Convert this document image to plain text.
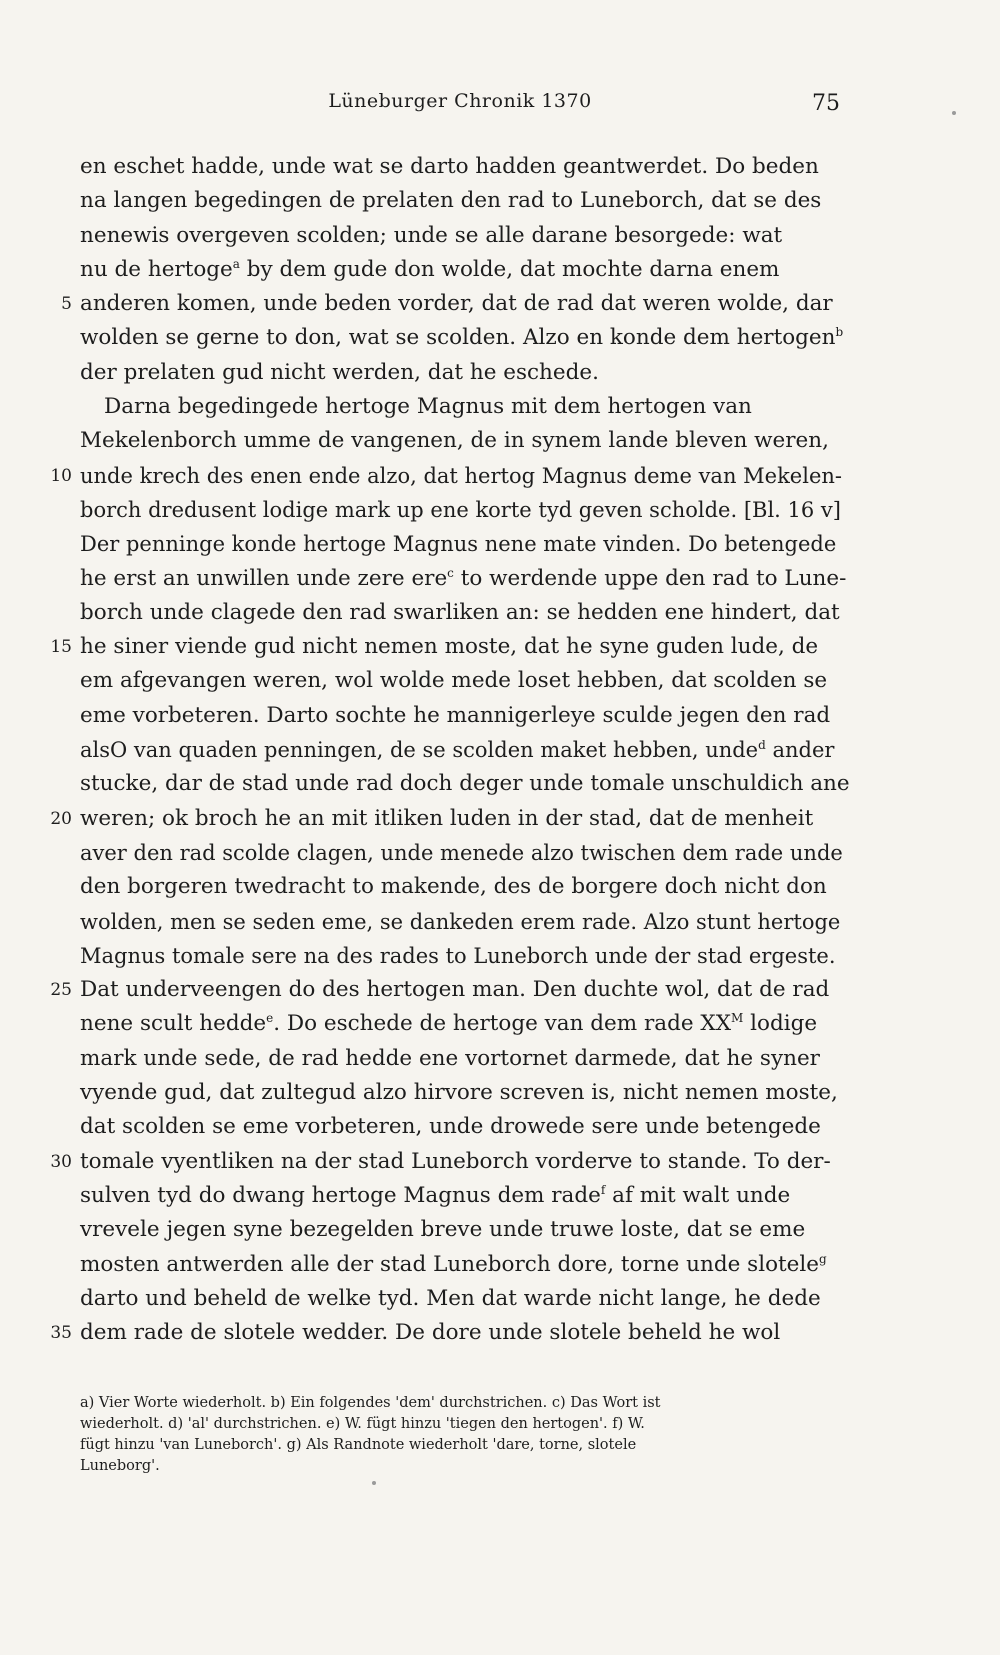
Lüneburger Chronik 1370	75
en eschet hadde, unde wat se darto hadden geantwerdet. Do beden
na langen begedingen de prelaten den rad to Luneborch, dat se des
nenewis overgeven scolden; unde se alle darane besorgede: wat
nu de hertoge$^a$ by dem gude don wolde, dat mochte darna enem
5 anderen komen, unde beden vorder, dat de rad dat weren wolde, dar
wolden se gerne to don, wat se scolden. Alzo en konde dem hertogen$^b$
der prelaten gud nicht werden, dat he eschede.
Darna begedingede hertoge Magnus mit dem hertogen van
Mekelenborch umme de vangenen, de in synem lande bleven weren,
10 unde krech des enen ende alzo, dat hertog Magnus deme van Mekelen-
borch dredusent lodige mark up ene korte tyd geven scholde. [Bl. 16 v]
Der penninge konde hertoge Magnus nene mate vinden. Do betengede
he erst an unwillen unde zere ere$^c$ to werdende uppe den rad to Lune-
borch unde clagede den rad swarliken an: se hedden ene hindert, dat
15 he siner viende gud nicht nemen moste, dat he syne guden lude, de
em afgevangen weren, wol wolde mede loset hebben, dat scolden se
eme vorbeteren. Darto sochte he mannigerleye sculde jegen den rad
alsO van quaden penningen, de se scolden maket hebben, unde$^d$ ander
stucke, dar de stad unde rad doch deger unde tomale unschuldich ane
20 weren; ok broch he an mit itliken luden in der stad, dat de menheit
aver den rad scolde clagen, unde menede alzo twischen dem rade unde
den borgeren twedracht to makende, des de borgere doch nicht don
wolden, men se seden eme, se dankeden erem rade. Alzo stunt hertoge
Magnus tomale sere na des rades to Luneborch unde der stad ergeste.
25 Dat underveengen do des hertogen man. Den duchte wol, dat de rad
nene scult hedde$^e$. Do eschede de hertoge van dem rade $XX^M$ lodige
mark unde sede, de rad hedde ene vortornet darmede, dat he syner
vyende gud, dat zultegud alzo hirvore screven is, nicht nemen moste,
dat scolden se eme vorbeteren, unde drowede sere unde betengede
30 tomale vyentliken na der stad Luneborch vorderve to stande. To der-
sulven tyd do dwang hertoge Magnus dem rade$^f$ af mit walt unde
vrevele jegen syne bezegelden breve unde truwe loste, dat se eme
mosten antwerden alle der stad Luneborch dore, torne unde slotele$^g$
darto und beheld de welke tyd. Men dat warde nicht lange, he dede
35 dem rade de slotele wedder. De dore unde slotele beheld he wol
a) Vier Worte wiederholt. b) Ein folgendes 'dem' durchstrichen. c) Das Wort ist
wiederholt. d) 'al' durchstrichen. e) W. fügt hinzu 'tiegen den hertogen'. f) W.
fügt hinzu 'van Luneborch'. g) Als Randnote wiederholt 'dare, torne, slotele
Luneborg'.
